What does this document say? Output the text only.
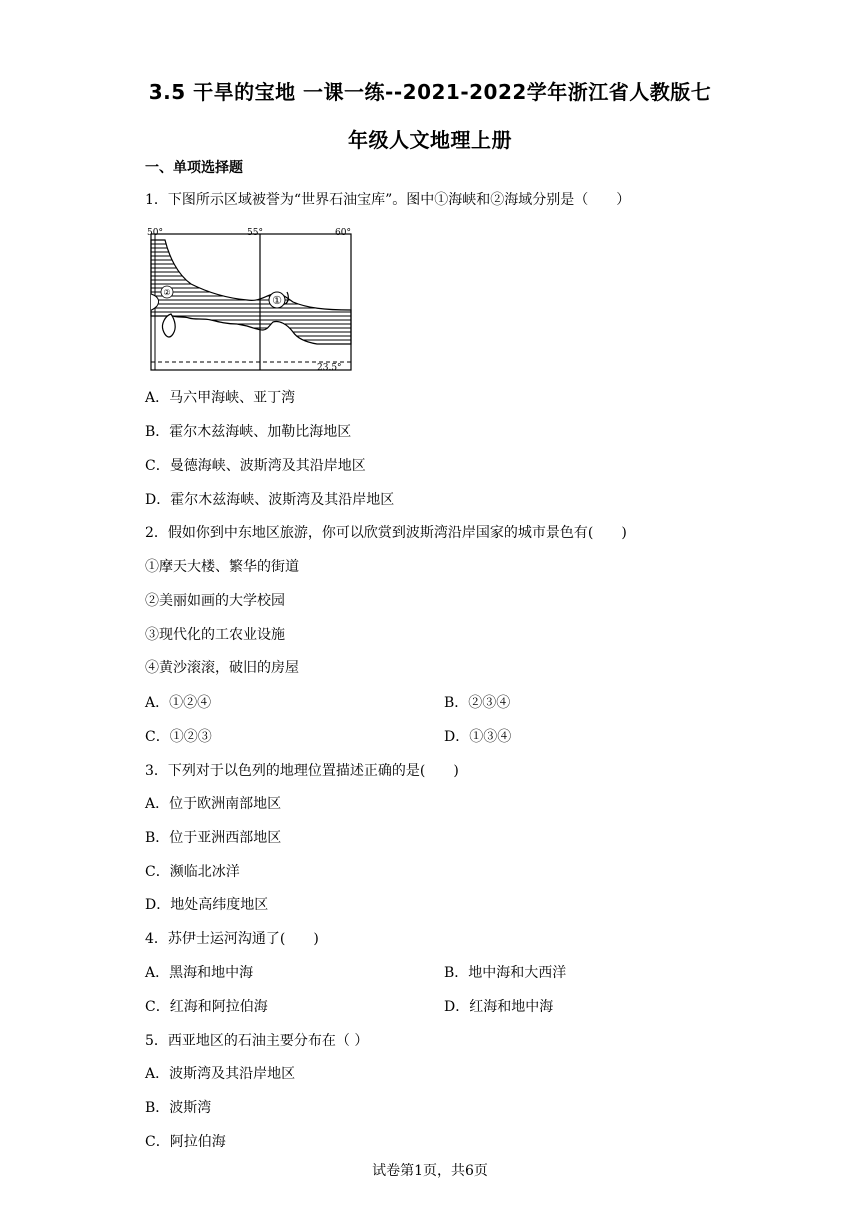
3.5 干旱的宝地 一课一练--2021-2022学年浙江省人教版七
年级人文地理上册
一、单项选择题
1．下图所示区域被誉为“世界石油宝库”。图中①海峡和②海域分别是（　　）
①
②
50°	55°	60°
23.5°
A．马六甲海峡、亚丁湾
B．霍尔木兹海峡、加勒比海地区
C．曼德海峡、波斯湾及其沿岸地区
D．霍尔木兹海峡、波斯湾及其沿岸地区
2．假如你到中东地区旅游，你可以欣赏到波斯湾沿岸国家的城市景色有(　　)
①摩天大楼、繁华的街道
②美丽如画的大学校园
③现代化的工农业设施
④黄沙滚滚，破旧的房屋
A．①②④	B．②③④
C．①②③	D．①③④
3．下列对于以色列的地理位置描述正确的是(　　)
A．位于欧洲南部地区
B．位于亚洲西部地区
C．濒临北冰洋
D．地处高纬度地区
4．苏伊士运河沟通了(　　)
A．黑海和地中海	B．地中海和大西洋
C．红海和阿拉伯海	D．红海和地中海
5．西亚地区的石油主要分布在（ ）
A．波斯湾及其沿岸地区
B．波斯湾
C．阿拉伯海
试卷第1页，共6页
